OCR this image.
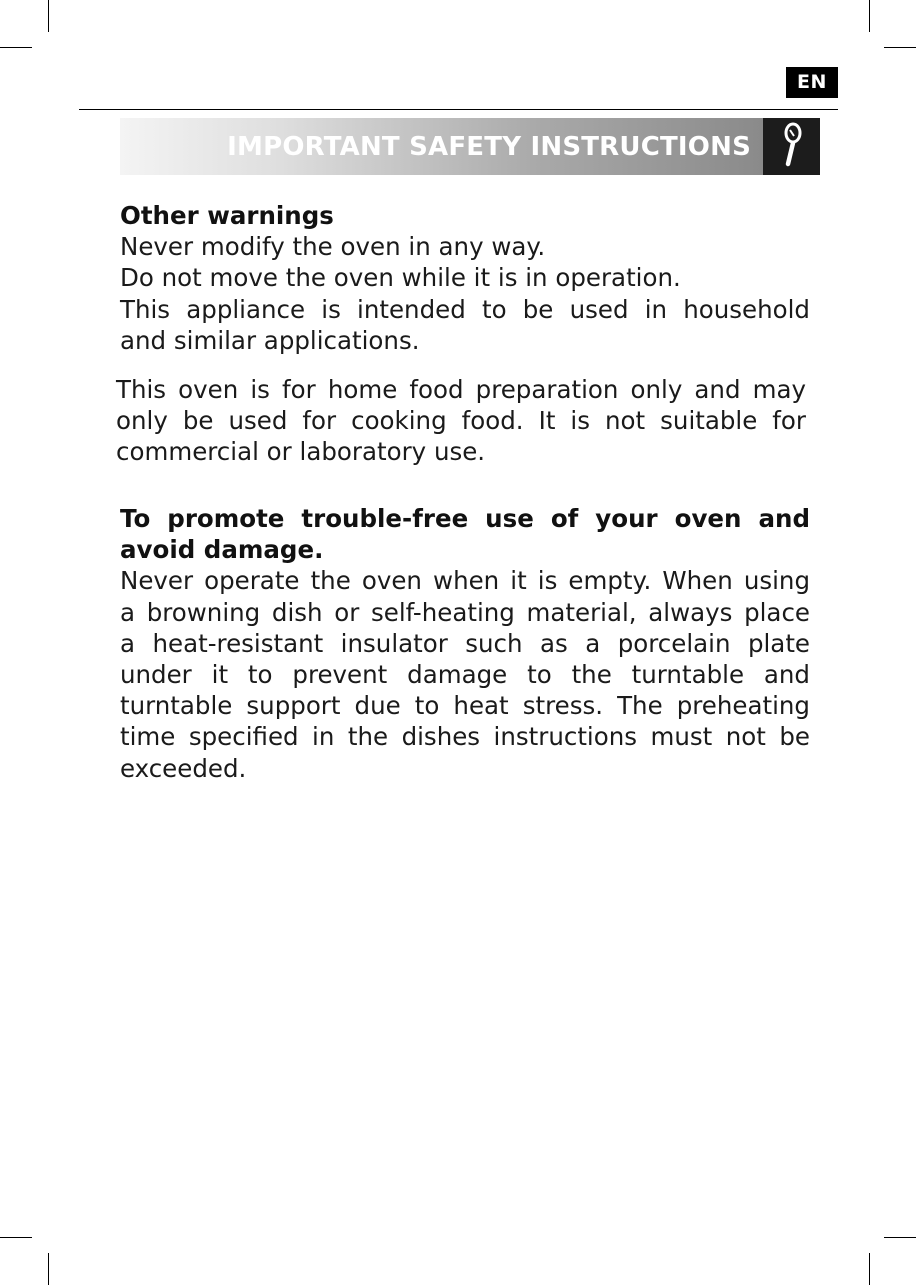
EN
IMPORTANT SAFETY INSTRUCTIONS
Other warnings

Never modify the oven in any way.
Do not move the oven while it is in operation.
This appliance is intended to be used in household
and similar applications.

This oven is for home food preparation only and may
only be used for cooking food. It is not suitable for
commercial or laboratory use.

To promote trouble-free use of your oven and
avoid damage.

Never operate the oven when it is empty. When using
a browning dish or self-heating material, always place
a heat-resistant insulator such as a porcelain plate
under it to prevent damage to the turntable and
turntable support due to heat stress. The preheating
time specified in the dishes instructions must not be
exceeded.
